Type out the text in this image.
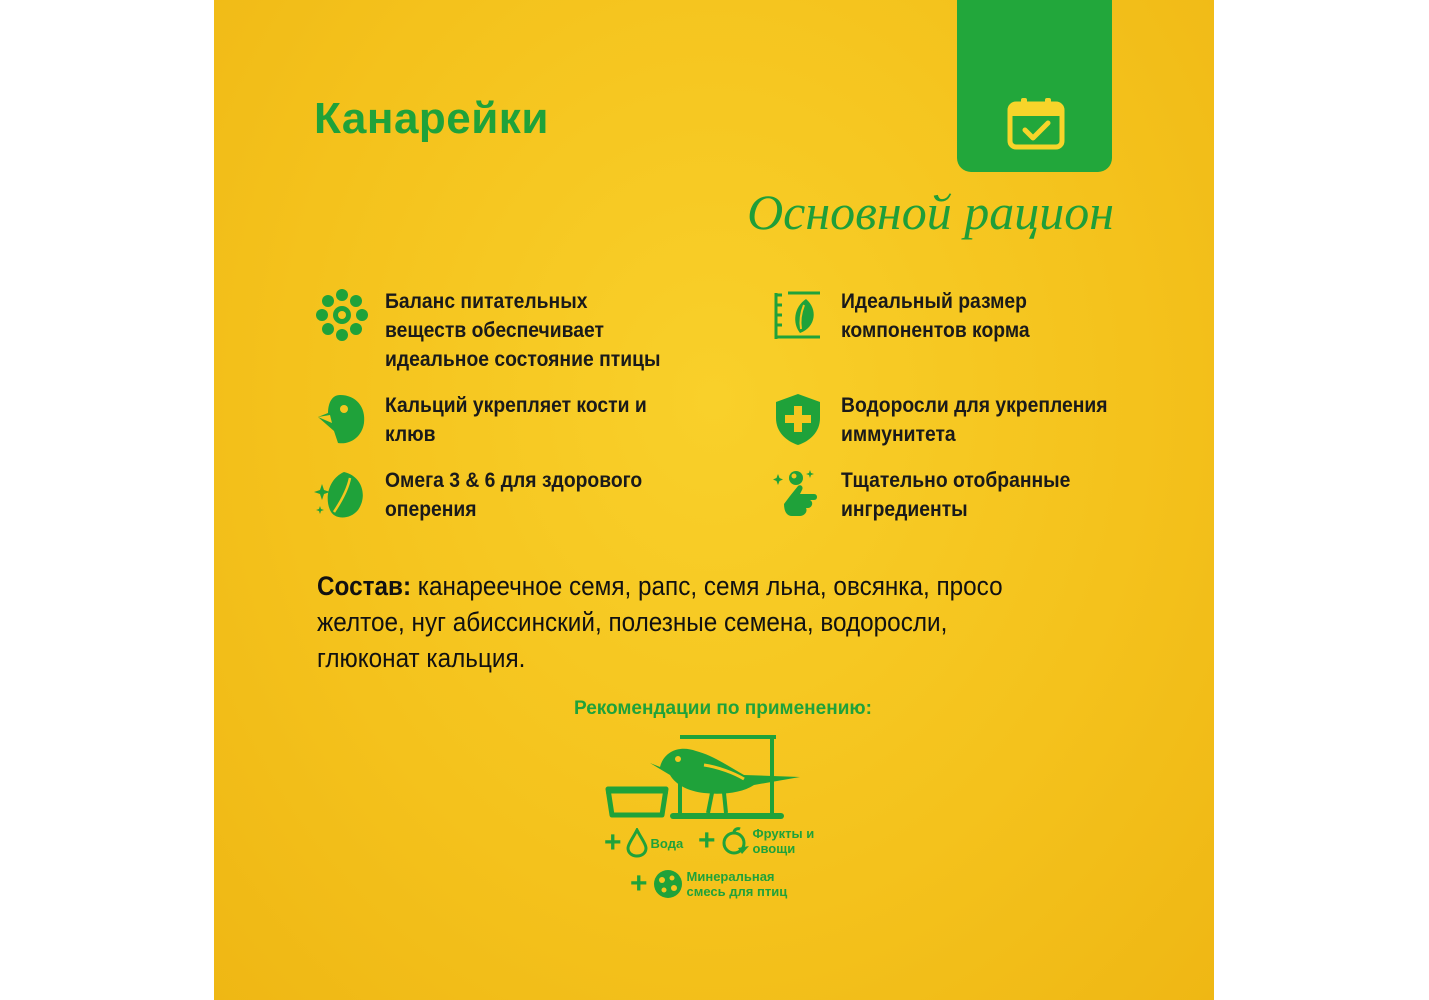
Канарейки
Основной рацион
Баланс питательных веществ обеспечивает идеальное состояние птицы
Идеальный размер компонентов корма
Кальций укрепляет кости и клюв
Водоросли для укрепления иммунитета
Омега 3 & 6 для здорового оперения
Тщательно отобранные ингредиенты
Состав: канареечное семя, рапс, семя льна, овсянка, просо желтое, нуг абиссинский, полезные семена, водоросли, глюконат кальция.
Рекомендации по применению:
+ Вода +	Фрукты и овощи
+	Минеральная смесь для птиц
